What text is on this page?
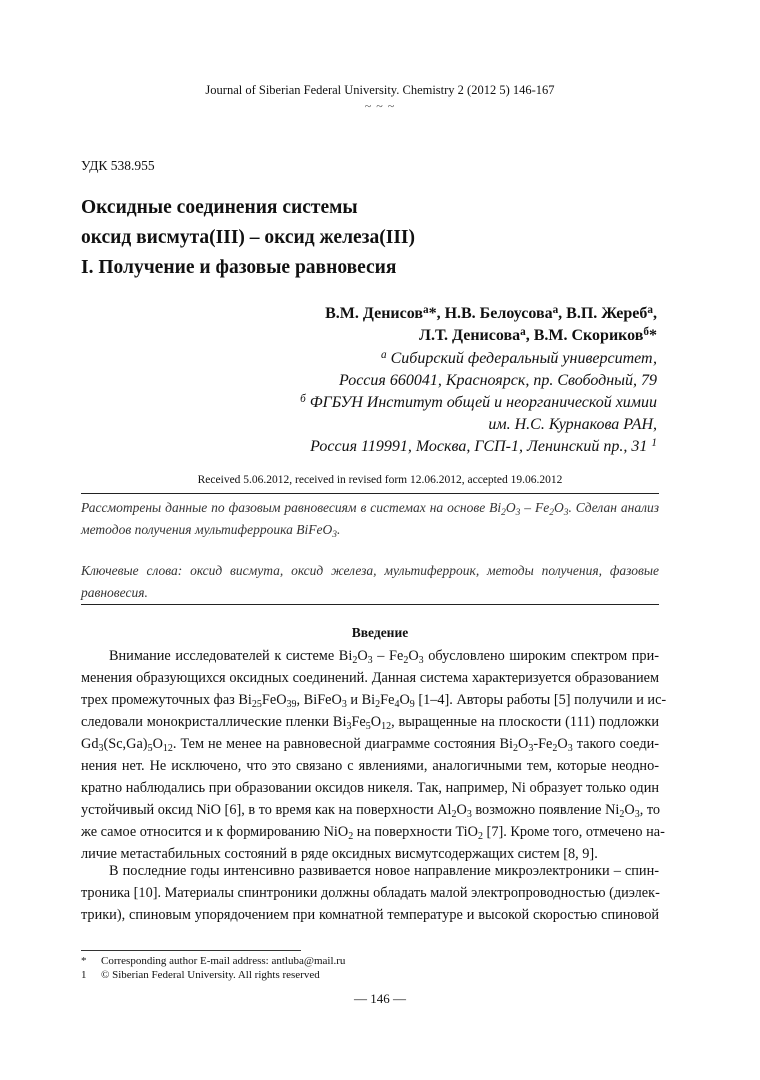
Journal of Siberian Federal University. Chemistry 2 (2012 5) 146-167
~ ~ ~
УДК 538.955
Оксидные соединения системы
оксид висмута(III) – оксид железа(III)
I. Получение и фазовые равновесия
В.М. Денисов$^а$*, Н.В. Белоусова$^а$, В.П. Жереб$^а$,
Л.Т. Денисова$^а$, В.М. Скориков$^б$*
$^а$ Сибирский федеральный университет,
Россия 660041, Красноярск, пр. Свободный, 79
$^б$ ФГБУН Институт общей и неорганической химии
им. Н.С. Курнакова РАН,
Россия 119991, Москва, ГСП-1, Ленинский пр., 31 $^1$
Received 5.06.2012, received in revised form 12.06.2012, accepted 19.06.2012
Рассмотрены данные по фазовым равновесиям в системах на основе $Bi_2O_3 - Fe_2O_3$. Сделан анализ методов получения мультиферроика BiFeO$_3$.
Ключевые слова: оксид висмута, оксид железа, мультиферроик, методы получения, фазовые равновесия.
Введение
Внимание исследователей к системе $Bi_2O_3 - Fe_2O_3$ обусловлено широким спектром при-
менения образующихся оксидных соединений. Данная система характеризуется образованием
трех промежуточных фаз $Bi_{25}FeO_{39}$, BiFeO$_3$ и $Bi_2Fe_4O_9$ [1–4]. Авторы работы [5] получили и ис-
следовали монокристаллические пленки $Bi_3Fe_5O_{12}$, выращенные на плоскости (111) подложки
$Gd_3(Sc,Ga)_5O_{12}$. Тем не менее на равновесной диаграмме состояния $Bi_2O_3-Fe_2O_3$ такого соеди-
нения нет. Не исключено, что это связано с явлениями, аналогичными тем, которые неодно-
кратно наблюдались при образовании оксидов никеля. Так, например, Ni образует только один
устойчивый оксид NiO [6], в то время как на поверхности $Al_2O_3$ возможно появление $Ni_2O_3$, то
же самое относится и к формированию NiO$_2$ на поверхности TiO$_2$ [7]. Кроме того, отмечено на-
личие метастабильных состояний в ряде оксидных висмутсодержащих систем [8, 9].
В последние годы интенсивно развивается новое направление микроэлектроники – спин-
троника [10]. Материалы спинтроники должны обладать малой электропроводностью (диэлек-
трики), спиновым упорядочением при комнатной температуре и высокой скоростью спиновой
* Corresponding author E-mail address: antluba@mail.ru
1 © Siberian Federal University. All rights reserved
― 146 ―
